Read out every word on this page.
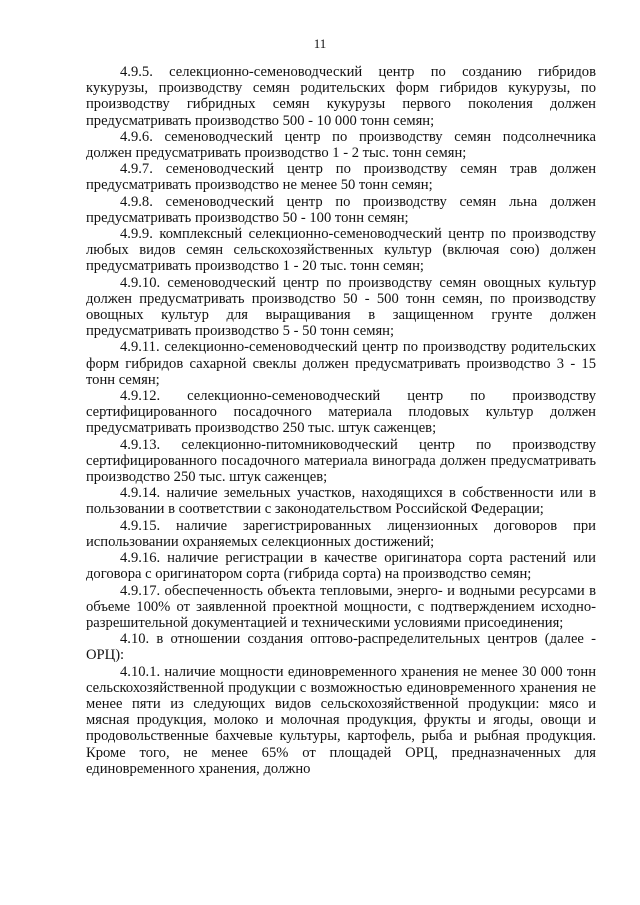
11

4.9.5. селекционно-семеноводческий центр по созданию гибридов кукурузы, производству семян родительских форм гибридов кукурузы, по производству гибридных семян кукурузы первого поколения должен предусматривать производство 500 - 10 000 тонн семян;

4.9.6. семеноводческий центр по производству семян подсолнечника должен предусматривать производство 1 - 2 тыс. тонн семян;

4.9.7. семеноводческий центр по производству семян трав должен предусматривать производство не менее 50 тонн семян;

4.9.8. семеноводческий центр по производству семян льна должен предусматривать производство 50 - 100 тонн семян;

4.9.9. комплексный селекционно-семеноводческий центр по производству любых видов семян сельскохозяйственных культур (включая сою) должен предусматривать производство 1 - 20 тыс. тонн семян;

4.9.10. семеноводческий центр по производству семян овощных культур должен предусматривать производство 50 - 500 тонн семян, по производству овощных культур для выращивания в защищенном грунте должен предусматривать производство 5 - 50 тонн семян;

4.9.11. селекционно-семеноводческий центр по производству родительских форм гибридов сахарной свеклы должен предусматривать производство 3 - 15 тонн семян;

4.9.12. селекционно-семеноводческий центр по производству сертифицированного посадочного материала плодовых культур должен предусматривать производство 250 тыс. штук саженцев;

4.9.13. селекционно-питомниководческий центр по производству сертифицированного посадочного материала винограда должен предусматривать производство 250 тыс. штук саженцев;

4.9.14. наличие земельных участков, находящихся в собственности или в пользовании в соответствии с законодательством Российской Федерации;

4.9.15. наличие зарегистрированных лицензионных договоров при использовании охраняемых селекционных достижений;

4.9.16. наличие регистрации в качестве оригинатора сорта растений или договора с оригинатором сорта (гибрида сорта) на производство семян;

4.9.17. обеспеченность объекта тепловыми, энерго- и водными ресурсами в объеме 100% от заявленной проектной мощности, с подтверждением исходно-разрешительной документацией и техническими условиями присоединения;

4.10. в отношении создания оптово-распределительных центров (далее - ОРЦ):

4.10.1. наличие мощности единовременного хранения не менее 30 000 тонн сельскохозяйственной продукции с возможностью единовременного хранения не менее пяти из следующих видов сельскохозяйственной продукции: мясо и мясная продукция, молоко и молочная продукция, фрукты и ягоды, овощи и продовольственные бахчевые культуры, картофель, рыба и рыбная продукция. Кроме того, не менее 65% от площадей ОРЦ, предназначенных для единовременного хранения, должно
